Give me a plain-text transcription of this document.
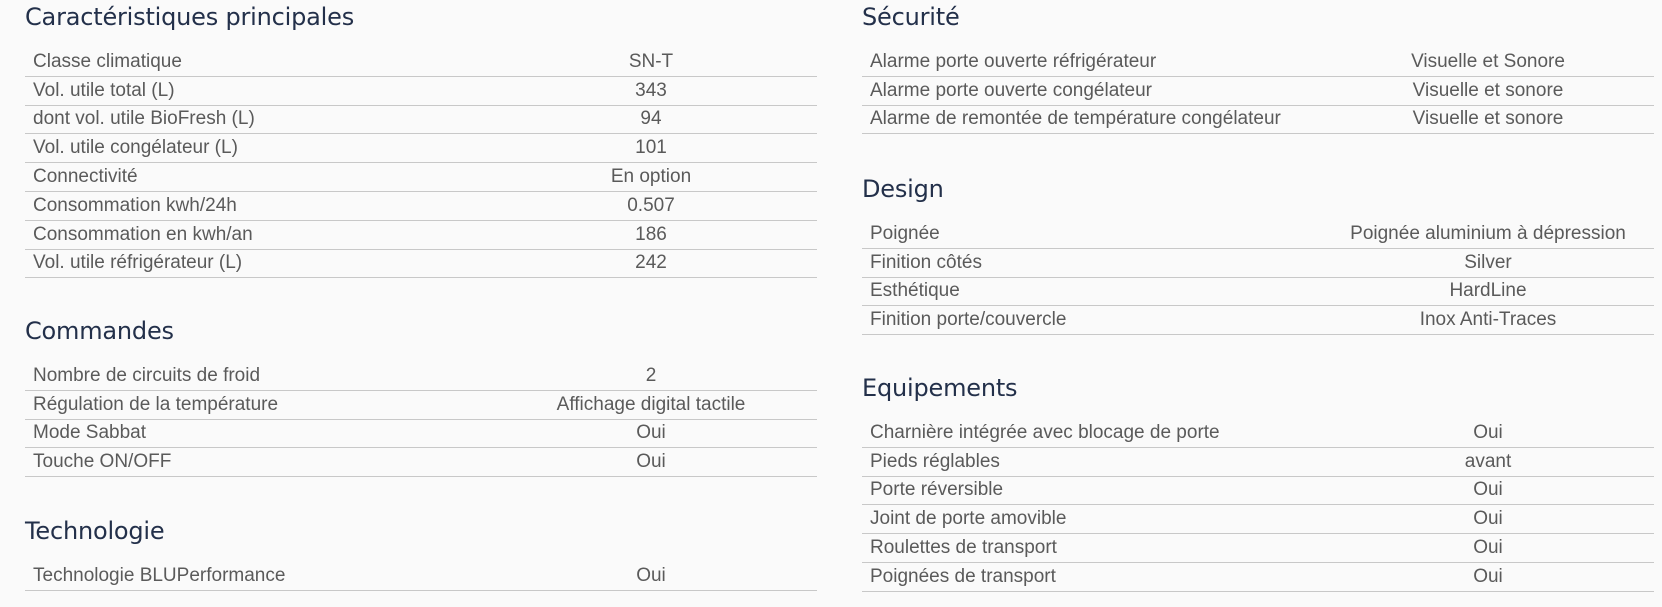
Caractéristiques principales
Classe climatique	SN-T
Vol. utile total (L)	343
dont vol. utile BioFresh (L)	94
Vol. utile congélateur (L)	101
Connectivité	En option
Consommation kwh/24h	0.507
Consommation en kwh/an	186
Vol. utile réfrigérateur (L)	242
Commandes
Nombre de circuits de froid	2
Régulation de la température	Affichage digital tactile
Mode Sabbat	Oui
Touche ON/OFF	Oui
Technologie
Technologie BLUPerformance	Oui
Sécurité
Alarme porte ouverte réfrigérateur	Visuelle et Sonore
Alarme porte ouverte congélateur	Visuelle et sonore
Alarme de remontée de température congélateur	Visuelle et sonore
Design
Poignée	Poignée aluminium à dépression
Finition côtés	Silver
Esthétique	HardLine
Finition porte/couvercle	Inox Anti-Traces
Equipements
Charnière intégrée avec blocage de porte	Oui
Pieds réglables	avant
Porte réversible	Oui
Joint de porte amovible	Oui
Roulettes de transport	Oui
Poignées de transport	Oui
